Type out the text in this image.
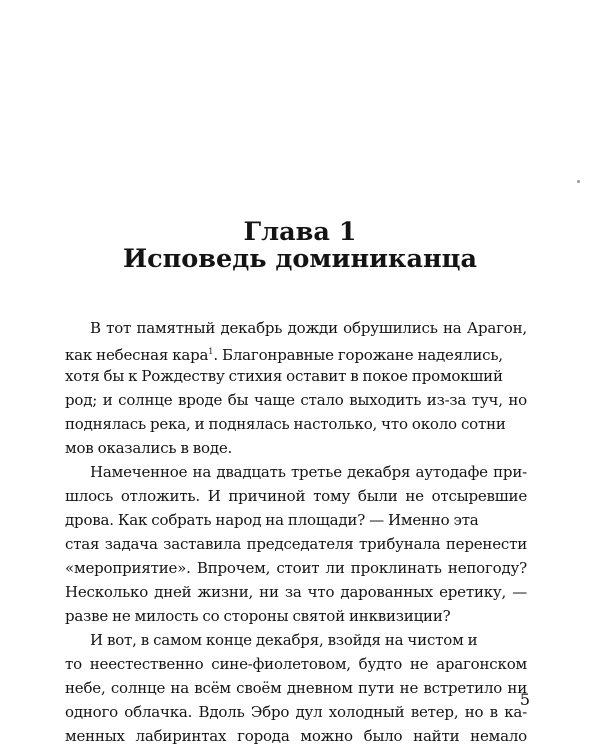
Глава 1
Исповедь доминиканца
В тот памятный декабрь дожди обрушились на Арагон,
как небесная кара$^1$. Благонравные горожане надеялись,
хотя бы к Рождеству стихия оставит в покое промокший
род; и солнце вроде бы чаще стало выходить из-за туч, но
поднялась река, и поднялась настолько, что около сотни
мов оказались в воде.
Намеченное на двадцать третье декабря аутодафе при-
шлось отложить. И причиной тому были не отсыревшие
дрова. Как собрать народ на площади? — Именно эта
стая задача заставила председателя трибунала перенести
«мероприятие». Впрочем, стоит ли проклинать непогоду?
Несколько дней жизни, ни за что дарованных еретику, —
разве не милость со стороны святой инквизиции?
И вот, в самом конце декабря, взойдя на чистом и
то неестественно сине-фиолетовом, будто не арагонском
небе, солнце на всём своём дневном пути не встретило ни
одного облачка. Вдоль Эбро дул холодный ветер, но в ка-
менных лабиринтах города можно было найти немало
5
